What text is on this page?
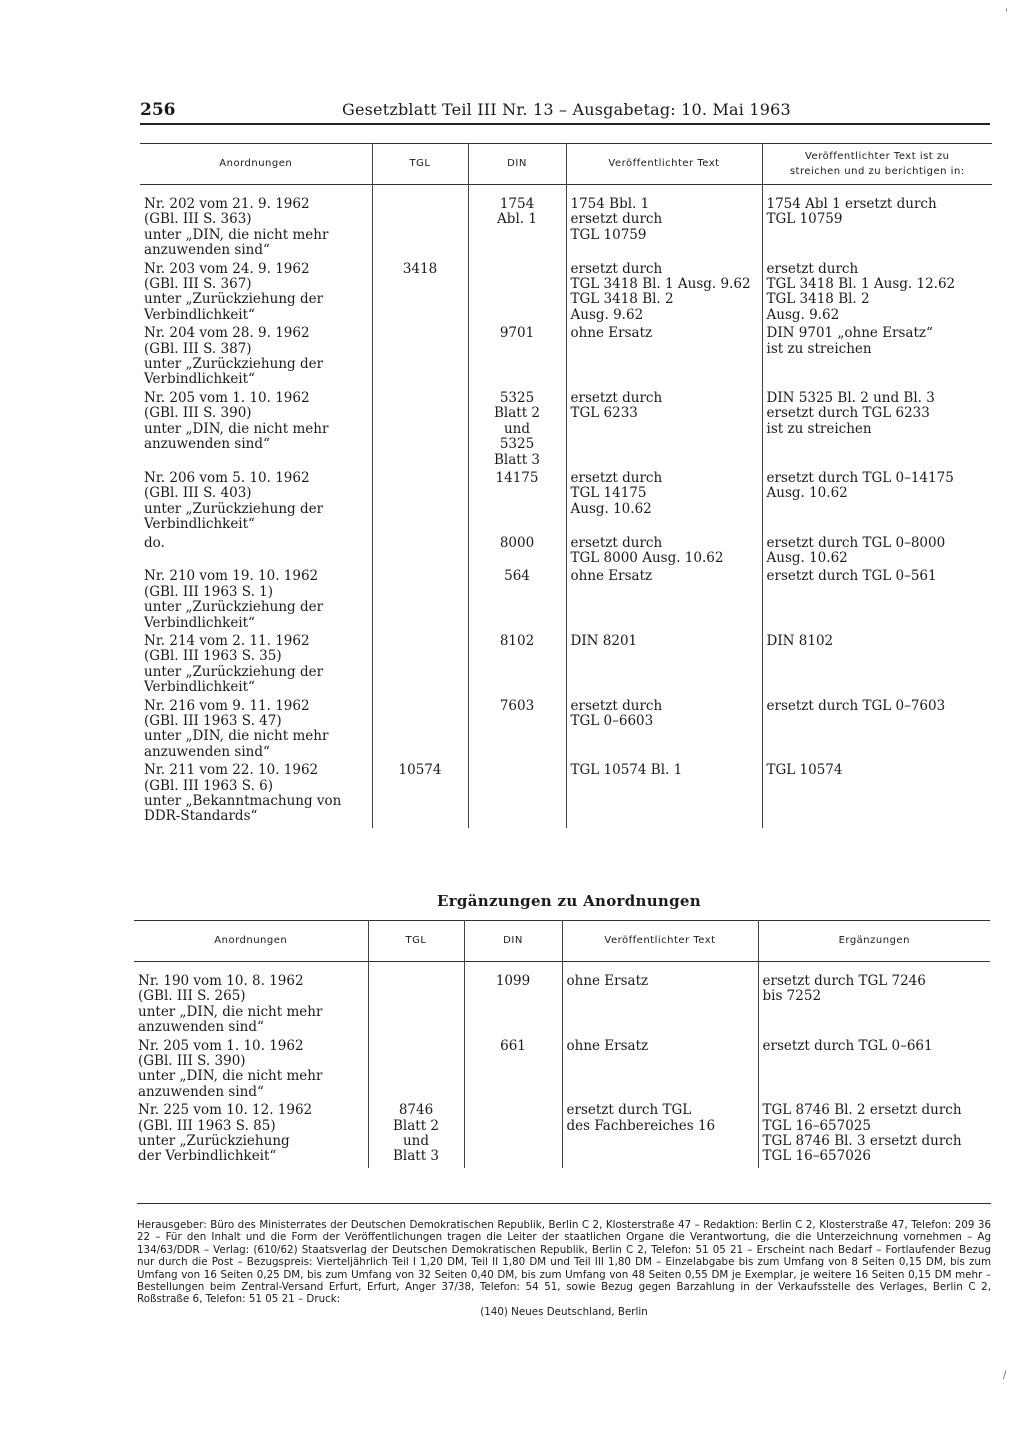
256	Gesetzblatt Teil III Nr. 13 – Ausgabetag: 10. Mai 1963
Anordnungen	TGL	DIN	Veröffentlichter Text	Veröffentlichter Text ist zu
streichen und zu berichtigen in:
Nr. 202 vom 21. 9. 1962
(GBl. III S. 363)
unter „DIN, die nicht mehr
anzuwenden sind“		1754
Abl. 1	1754 Bbl. 1
ersetzt durch
TGL 10759	1754 Abl 1 ersetzt durch
TGL 10759
Nr. 203 vom 24. 9. 1962
(GBl. III S. 367)
unter „Zurückziehung der
Verbindlichkeit“	3418		ersetzt durch
TGL 3418 Bl. 1 Ausg. 9.62
TGL 3418 Bl. 2
Ausg. 9.62	ersetzt durch
TGL 3418 Bl. 1 Ausg. 12.62
TGL 3418 Bl. 2
Ausg. 9.62
Nr. 204 vom 28. 9. 1962
(GBl. III S. 387)
unter „Zurückziehung der
Verbindlichkeit“		9701	ohne Ersatz	DIN 9701 „ohne Ersatz“
ist zu streichen
Nr. 205 vom 1. 10. 1962
(GBl. III S. 390)
unter „DIN, die nicht mehr
anzuwenden sind“		5325
Blatt 2
und
5325
Blatt 3	ersetzt durch
TGL 6233	DIN 5325 Bl. 2 und Bl. 3
ersetzt durch TGL 6233
ist zu streichen
Nr. 206 vom 5. 10. 1962
(GBl. III S. 403)
unter „Zurückziehung der
Verbindlichkeit“		14175	ersetzt durch
TGL 14175
Ausg. 10.62	ersetzt durch TGL 0–14175
Ausg. 10.62
do.		8000	ersetzt durch
TGL 8000 Ausg. 10.62	ersetzt durch TGL 0–8000
Ausg. 10.62
Nr. 210 vom 19. 10. 1962
(GBl. III 1963 S. 1)
unter „Zurückziehung der
Verbindlichkeit“		564	ohne Ersatz	ersetzt durch TGL 0–561
Nr. 214 vom 2. 11. 1962
(GBl. III 1963 S. 35)
unter „Zurückziehung der
Verbindlichkeit“		8102	DIN 8201	DIN 8102
Nr. 216 vom 9. 11. 1962
(GBl. III 1963 S. 47)
unter „DIN, die nicht mehr
anzuwenden sind“		7603	ersetzt durch
TGL 0–6603	ersetzt durch TGL 0–7603
Nr. 211 vom 22. 10. 1962
(GBl. III 1963 S. 6)
unter „Bekanntmachung von
DDR-Standards“	10574		TGL 10574 Bl. 1	TGL 10574
Ergänzungen zu Anordnungen
Anordnungen	TGL	DIN	Veröffentlichter Text	Ergänzungen
Nr. 190 vom 10. 8. 1962
(GBl. III S. 265)
unter „DIN, die nicht mehr
anzuwenden sind“		1099	ohne Ersatz	ersetzt durch TGL 7246
bis 7252
Nr. 205 vom 1. 10. 1962
(GBl. III S. 390)
unter „DIN, die nicht mehr
anzuwenden sind“		661	ohne Ersatz	ersetzt durch TGL 0–661
Nr. 225 vom 10. 12. 1962
(GBl. III 1963 S. 85)
unter „Zurückziehung
der Verbindlichkeit“	8746
Blatt 2
und
Blatt 3		ersetzt durch TGL
des Fachbereiches 16	TGL 8746 Bl. 2 ersetzt durch
TGL 16–657025
TGL 8746 Bl. 3 ersetzt durch
TGL 16–657026
Herausgeber: Büro des Ministerrates der Deutschen Demokratischen Republik, Berlin C 2, Klosterstraße 47 – Redaktion: Berlin C 2, Klosterstraße 47, Telefon: 209 36 22 – Für den Inhalt und die Form der Veröffentlichungen tragen die Leiter der staatlichen Organe die Verantwortung, die die Unterzeichnung vornehmen – Ag 134/63/DDR – Verlag: (610/62) Staatsverlag der Deutschen Demokratischen Republik, Berlin C 2, Telefon: 51 05 21 – Erscheint nach Bedarf – Fortlaufender Bezug nur durch die Post – Bezugspreis: Vierteljährlich Teil I 1,20 DM, Teil II 1,80 DM und Teil III 1,80 DM – Einzelabgabe bis zum Umfang von 8 Seiten 0,15 DM, bis zum Umfang von 16 Seiten 0,25 DM, bis zum Umfang von 32 Seiten 0,40 DM, bis zum Umfang von 48 Seiten 0,55 DM je Exemplar, je weitere 16 Seiten 0,15 DM mehr – Bestellungen beim Zentral-Versand Erfurt, Erfurt, Anger 37/38, Telefon: 54 51, sowie Bezug gegen Barzahlung in der Verkaufsstelle des Verlages, Berlin C 2, Roßstraße 6, Telefon: 51 05 21 – Druck:
(140) Neues Deutschland, Berlin
'
/
